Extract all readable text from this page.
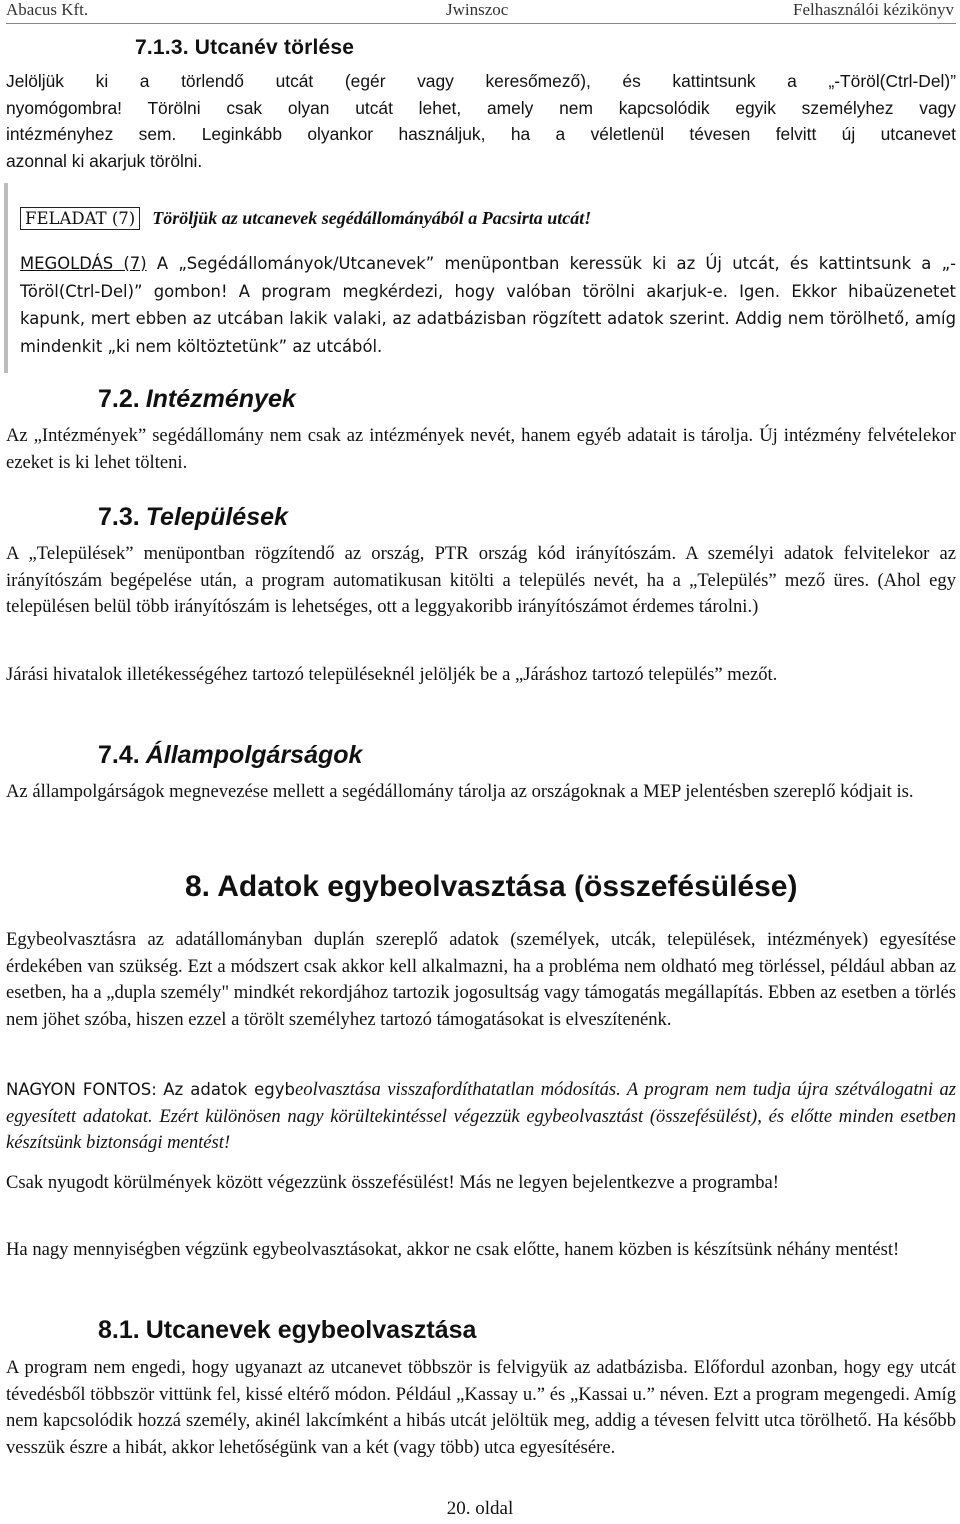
Abacus Kft.	Jwinszoc	Felhasználói kézikönyv
7.1.3. Utcanév törlése

Jelöljük ki a törlendő utcát (egér vagy keresőmező), és kattintsunk a „-Töröl(Ctrl-Del)”

nyomógombra! Törölni csak olyan utcát lehet, amely nem kapcsolódik egyik személyhez vagy

intézményhez sem. Leginkább olyankor használjuk, ha a véletlenül tévesen felvitt új utcanevet

azonnal ki akarjuk törölni.

FELADAT (7) Töröljük az utcanevek segédállományából a Pacsirta utcát!
MEGOLDÁS (7) A „Segédállományok/Utcanevek” menüpontban keressük ki az Új utcát, és kattintsunk a „-Töröl(Ctrl-Del)” gombon! A program megkérdezi, hogy valóban törölni akarjuk-e. Igen. Ekkor hibaüzenetet kapunk, mert ebben az utcában lakik valaki, az adatbázisban rögzített adatok szerint. Addig nem törölhető, amíg mindenkit „ki nem költöztetünk” az utcából.
7.2. Intézmények

Az „Intézmények” segédállomány nem csak az intézmények nevét, hanem egyéb adatait is tárolja. Új intézmény felvételekor ezeket is ki lehet tölteni.

7.3. Települések

A „Települések” menüpontban rögzítendő az ország, PTR ország kód irányítószám. A személyi adatok felvitelekor az irányítószám begépelése után, a program automatikusan kitölti a település nevét, ha a „Település” mező üres. (Ahol egy településen belül több irányítószám is lehetséges, ott a leggyakoribb irányítószámot érdemes tárolni.)

Járási hivatalok illetékességéhez tartozó településeknél jelöljék be a „Járáshoz tartozó település” mezőt.

7.4. Állampolgárságok

Az állampolgárságok megnevezése mellett a segédállomány tárolja az országoknak a MEP jelentésben szereplő kódjait is.

8. Adatok egybeolvasztása (összefésülése)

Egybeolvasztásra az adatállományban duplán szereplő adatok (személyek, utcák, települések, intézmények) egyesítése érdekében van szükség. Ezt a módszert csak akkor kell alkalmazni, ha a probléma nem oldható meg törléssel, például abban az esetben, ha a „dupla személy" mindkét rekordjához tartozik jogosultság vagy támogatás megállapítás. Ebben az esetben a törlés nem jöhet szóba, hiszen ezzel a törölt személyhez tartozó támogatásokat is elveszítenénk.

NAGYON FONTOS: Az adatok egybeolvasztása visszafordíthatatlan módosítás. A program nem tudja újra szétválogatni az egyesített adatokat. Ezért különösen nagy körültekintéssel végezzük egybeolvasztást (összefésülést), és előtte minden esetben készítsünk biztonsági mentést!

Csak nyugodt körülmények között végezzünk összefésülést! Más ne legyen bejelentkezve a programba!

Ha nagy mennyiségben végzünk egybeolvasztásokat, akkor ne csak előtte, hanem közben is készítsünk néhány mentést!

8.1. Utcanevek egybeolvasztása

A program nem engedi, hogy ugyanazt az utcanevet többször is felvigyük az adatbázisba. Előfordul azonban, hogy egy utcát tévedésből többször vittünk fel, kissé eltérő módon. Például „Kassay u.” és „Kassai u.” néven. Ezt a program megengedi. Amíg nem kapcsolódik hozzá személy, akinél lakcímként a hibás utcát jelöltük meg, addig a tévesen felvitt utca törölhető. Ha később vesszük észre a hibát, akkor lehetőségünk van a két (vagy több) utca egyesítésére.

20. oldal
